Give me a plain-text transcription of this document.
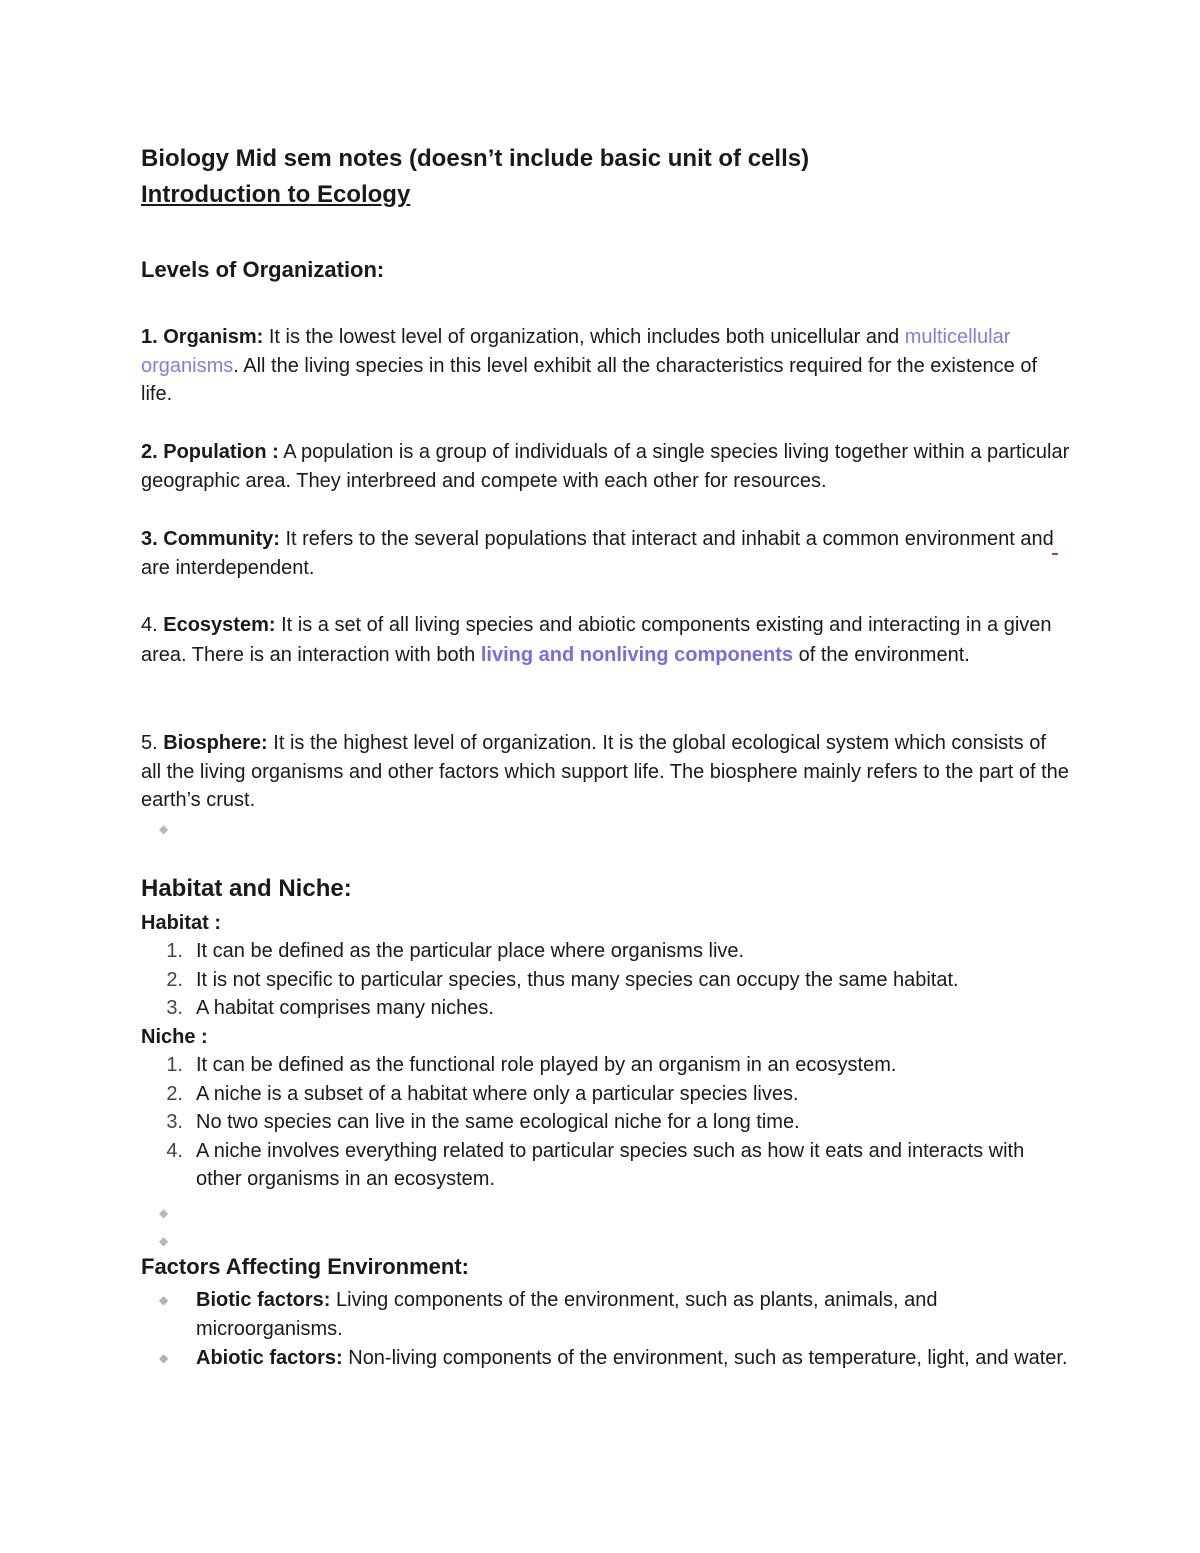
Biology Mid sem notes (doesn’t include basic unit of cells)

Introduction to Ecology

Levels of Organization:

1. Organism: It is the lowest level of organization, which includes both unicellular and multicellular organisms. All the living species in this level exhibit all the characteristics required for the existence of life.

2. Population : A population is a group of individuals of a single species living together within a particular geographic area. They interbreed and compete with each other for resources.

3. Community: It refers to the several populations that interact and inhabit a common environment and are interdependent.

4. Ecosystem: It is a set of all living species and abiotic components existing and interacting in a given area. There is an interaction with both living and nonliving components of the environment.

5. Biosphere: It is the highest level of organization. It is the global ecological system which consists of all the living organisms and other factors which support life. The biosphere mainly refers to the part of the earth’s crust.

◆

Habitat and Niche:

Habitat :

1. It can be defined as the particular place where organisms live.
2. It is not specific to particular species, thus many species can occupy the same habitat.
3. A habitat comprises many niches.

Niche :

1. It can be defined as the functional role played by an organism in an ecosystem.
2. A niche is a subset of a habitat where only a particular species lives.
3. No two species can live in the same ecological niche for a long time.
4. A niche involves everything related to particular species such as how it eats and interacts with other organisms in an ecosystem.
◆
◆

Factors Affecting Environment:

◆ Biotic factors: Living components of the environment, such as plants, animals, and microorganisms.
◆ Abiotic factors: Non-living components of the environment, such as temperature, light, and water.
